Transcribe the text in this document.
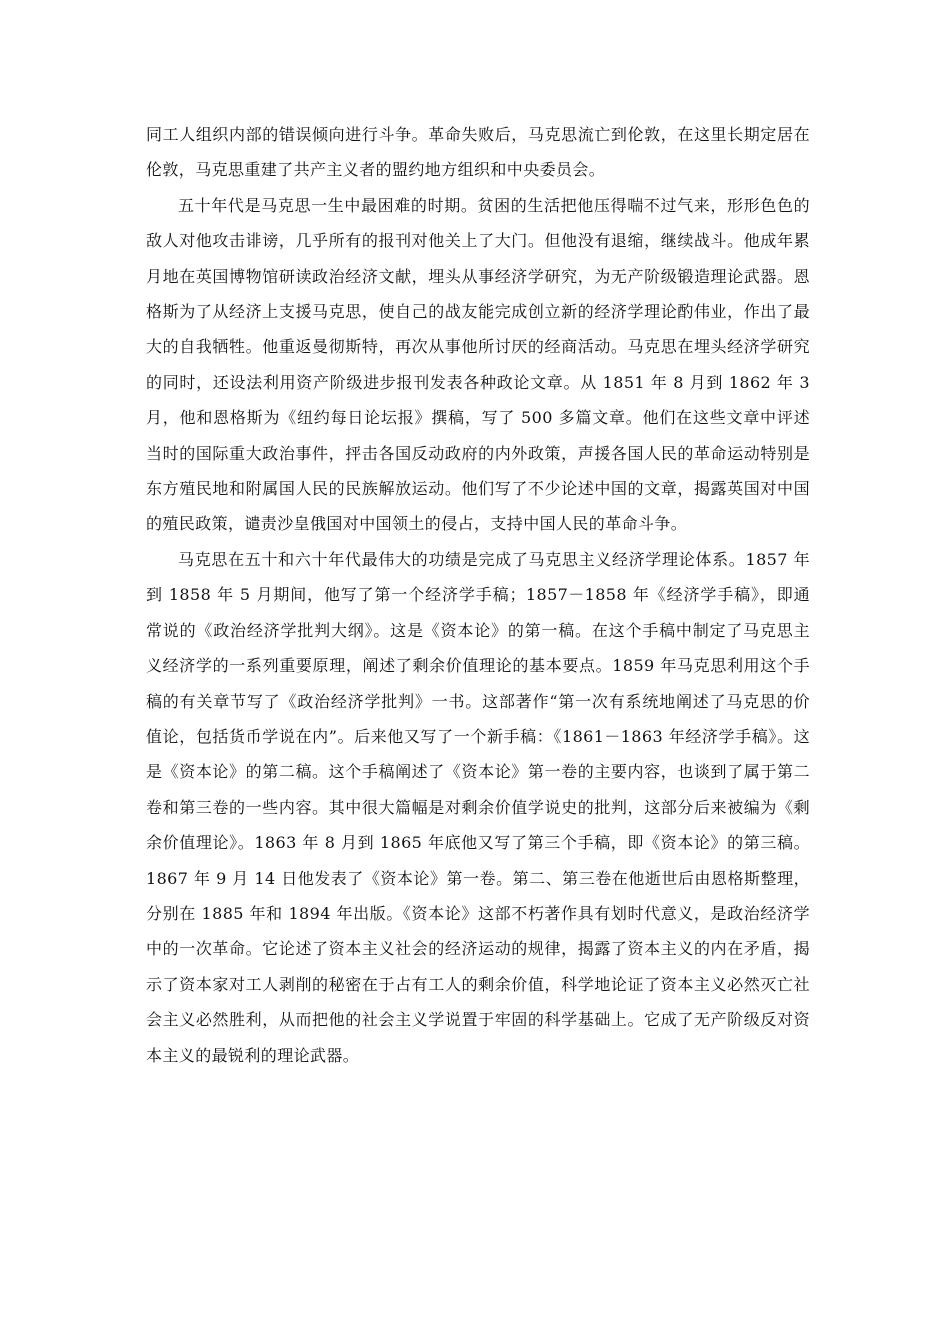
同工人组织内部的错误倾向进行斗争。革命失败后，马克思流亡到伦敦，在这里长期定居在伦敦，马克思重建了共产主义者的盟约地方组织和中央委员会。

五十年代是马克思一生中最困难的时期。贫困的生活把他压得喘不过气来，形形色色的敌人对他攻击诽谤，几乎所有的报刊对他关上了大门。但他没有退缩，继续战斗。他成年累月地在英国博物馆研读政治经济文献，埋头从事经济学研究，为无产阶级锻造理论武器。恩格斯为了从经济上支援马克思，使自己的战友能完成创立新的经济学理论酌伟业，作出了最大的自我牺牲。他重返曼彻斯特，再次从事他所讨厌的经商活动。马克思在埋头经济学研究的同时，还设法利用资产阶级进步报刊发表各种政论文章。从 1851 年 8 月到 1862 年 3 月，他和恩格斯为《纽约每日论坛报》撰稿，写了 500 多篇文章。他们在这些文章中评述当时的国际重大政治事件，抨击各国反动政府的内外政策，声援各国人民的革命运动特别是东方殖民地和附属国人民的民族解放运动。他们写了不少论述中国的文章，揭露英国对中国的殖民政策，谴责沙皇俄国对中国领土的侵占，支持中国人民的革命斗争。

马克思在五十和六十年代最伟大的功绩是完成了马克思主义经济学理论体系。1857 年到 1858 年 5 月期间，他写了第一个经济学手稿；1857－1858 年《经济学手稿》，即通常说的《政治经济学批判大纲》。这是《资本论》的第一稿。在这个手稿中制定了马克思主义经济学的一系列重要原理，阐述了剩余价值理论的基本要点。1859 年马克思利用这个手稿的有关章节写了《政治经济学批判》一书。这部著作“第一次有系统地阐述了马克思的价值论，包括货币学说在内”。后来他又写了一个新手稿：《1861－1863 年经济学手稿》。这是《资本论》的第二稿。这个手稿阐述了《资本论》第一卷的主要内容，也谈到了属于第二卷和第三卷的一些内容。其中很大篇幅是对剩余价值学说史的批判，这部分后来被编为《剩余价值理论》。1863 年 8 月到 1865 年底他又写了第三个手稿，即《资本论》的第三稿。1867 年 9 月 14 日他发表了《资本论》第一卷。第二、第三卷在他逝世后由恩格斯整理，分别在 1885 年和 1894 年出版。《资本论》这部不朽著作具有划时代意义，是政治经济学中的一次革命。它论述了资本主义社会的经济运动的规律，揭露了资本主义的内在矛盾，揭示了资本家对工人剥削的秘密在于占有工人的剩余价值，科学地论证了资本主义必然灭亡社会主义必然胜利，从而把他的社会主义学说置于牢固的科学基础上。它成了无产阶级反对资本主义的最锐利的理论武器。
